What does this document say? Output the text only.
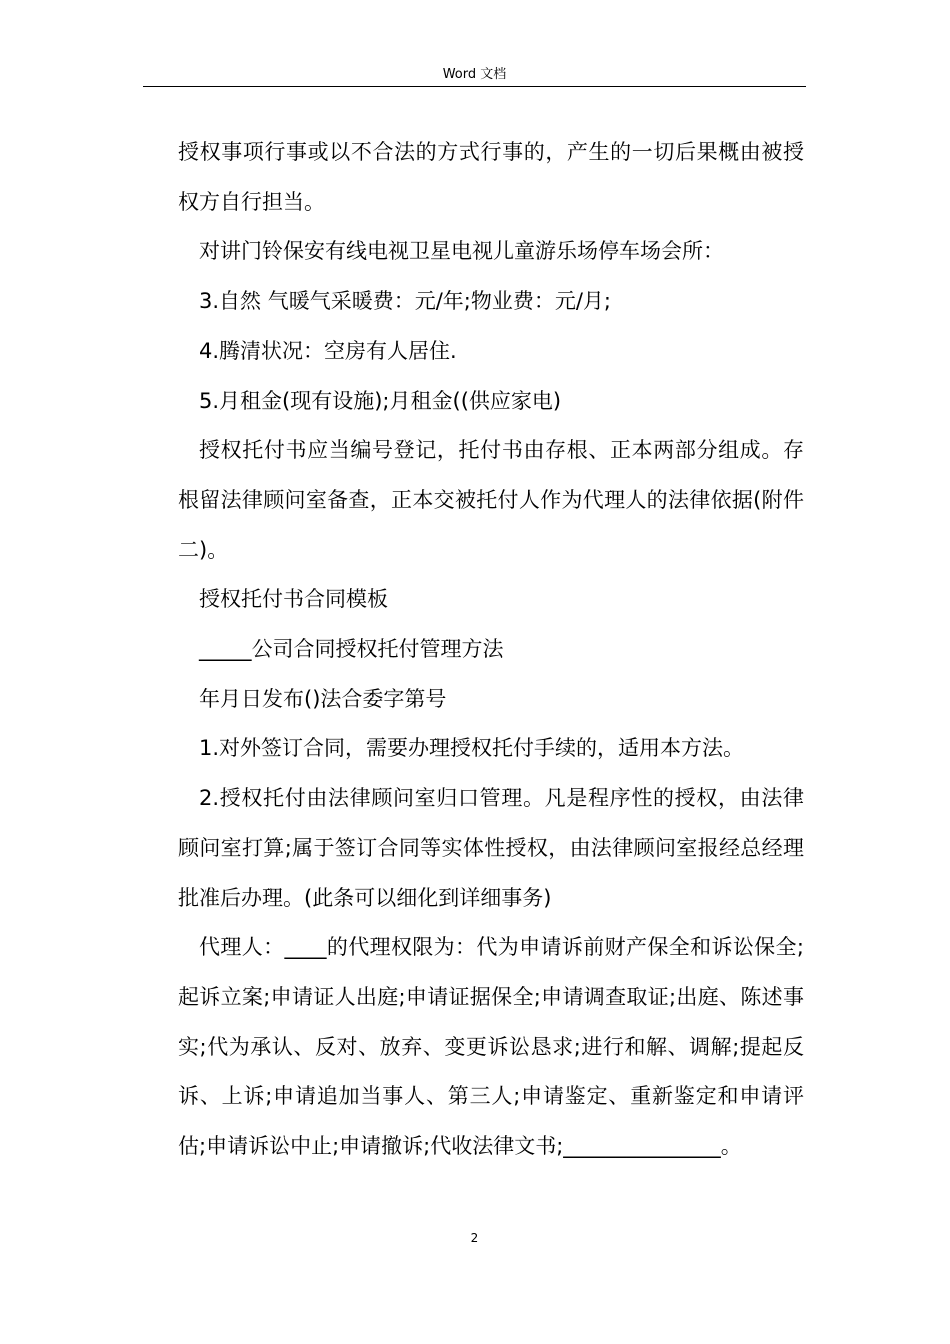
Word 文档

授权事项行事或以不合法的方式行事的，产生的一切后果概由被授权方自行担当。

对讲门铃保安有线电视卫星电视儿童游乐场停车场会所：

3.自然 气暖气采暖费：元/年;物业费：元/月;

4.腾清状况：空房有人居住.

5.月租金(现有设施);月租金((供应家电)

授权托付书应当编号登记，托付书由存根、正本两部分组成。存根留法律顾问室备查，正本交被托付人作为代理人的法律依据(附件二)。

授权托付书合同模板

_____公司合同授权托付管理方法

年月日发布()法合委字第号

1.对外签订合同，需要办理授权托付手续的，适用本方法。

2.授权托付由法律顾问室归口管理。凡是程序性的授权，由法律顾问室打算;属于签订合同等实体性授权，由法律顾问室报经总经理批准后办理。(此条可以细化到详细事务)

代理人：____的代理权限为：代为申请诉前财产保全和诉讼保全;起诉立案;申请证人出庭;申请证据保全;申请调查取证;出庭、陈述事实;代为承认、反对、放弃、变更诉讼恳求;进行和解、调解;提起反诉、上诉;申请追加当事人、第三人;申请鉴定、重新鉴定和申请评估;申请诉讼中止;申请撤诉;代收法律文书;_______________。

2
